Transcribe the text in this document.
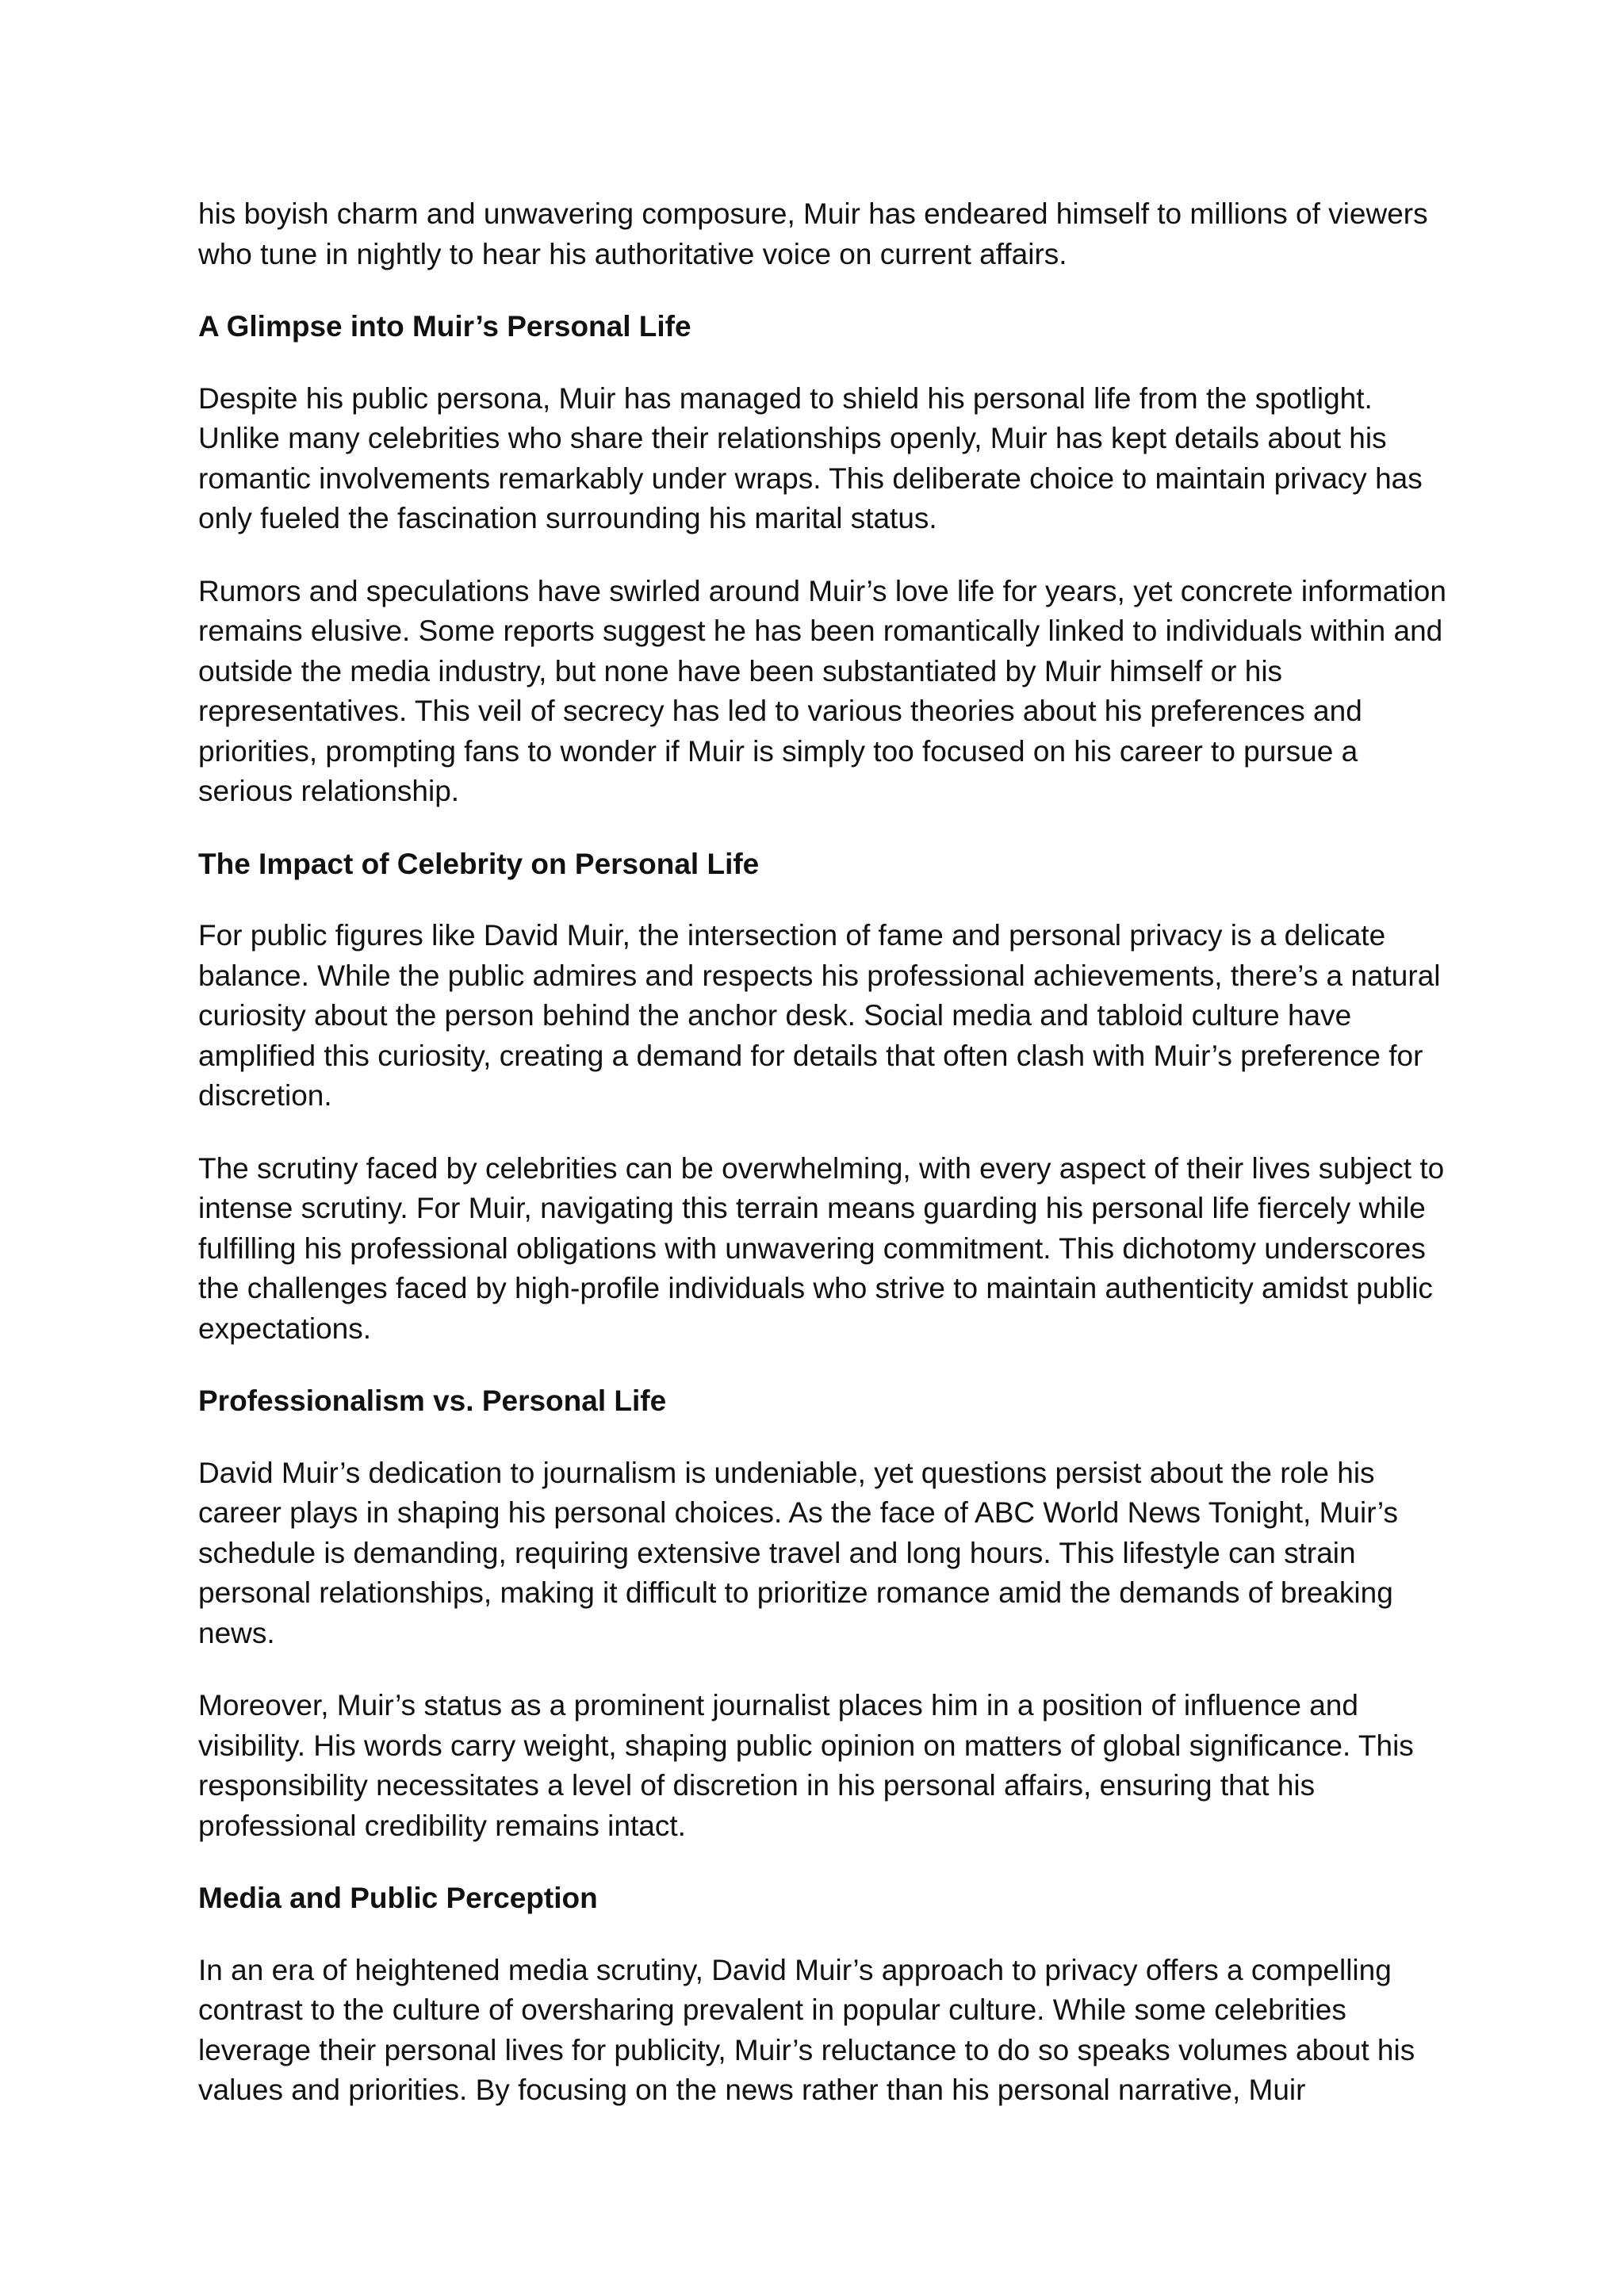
his boyish charm and unwavering composure, Muir has endeared himself to millions of viewers who tune in nightly to hear his authoritative voice on current affairs.

A Glimpse into Muir’s Personal Life

Despite his public persona, Muir has managed to shield his personal life from the spotlight. Unlike many celebrities who share their relationships openly, Muir has kept details about his romantic involvements remarkably under wraps. This deliberate choice to maintain privacy has only fueled the fascination surrounding his marital status.

Rumors and speculations have swirled around Muir’s love life for years, yet concrete information remains elusive. Some reports suggest he has been romantically linked to individuals within and outside the media industry, but none have been substantiated by Muir himself or his representatives. This veil of secrecy has led to various theories about his preferences and priorities, prompting fans to wonder if Muir is simply too focused on his career to pursue a serious relationship.

The Impact of Celebrity on Personal Life

For public figures like David Muir, the intersection of fame and personal privacy is a delicate balance. While the public admires and respects his professional achievements, there’s a natural curiosity about the person behind the anchor desk. Social media and tabloid culture have amplified this curiosity, creating a demand for details that often clash with Muir’s preference for discretion.

The scrutiny faced by celebrities can be overwhelming, with every aspect of their lives subject to intense scrutiny. For Muir, navigating this terrain means guarding his personal life fiercely while fulfilling his professional obligations with unwavering commitment. This dichotomy underscores the challenges faced by high-profile individuals who strive to maintain authenticity amidst public expectations.

Professionalism vs. Personal Life

David Muir’s dedication to journalism is undeniable, yet questions persist about the role his career plays in shaping his personal choices. As the face of ABC World News Tonight, Muir’s schedule is demanding, requiring extensive travel and long hours. This lifestyle can strain personal relationships, making it difficult to prioritize romance amid the demands of breaking news.

Moreover, Muir’s status as a prominent journalist places him in a position of influence and visibility. His words carry weight, shaping public opinion on matters of global significance. This responsibility necessitates a level of discretion in his personal affairs, ensuring that his professional credibility remains intact.

Media and Public Perception

In an era of heightened media scrutiny, David Muir’s approach to privacy offers a compelling contrast to the culture of oversharing prevalent in popular culture. While some celebrities leverage their personal lives for publicity, Muir’s reluctance to do so speaks volumes about his values and priorities. By focusing on the news rather than his personal narrative, Muir
